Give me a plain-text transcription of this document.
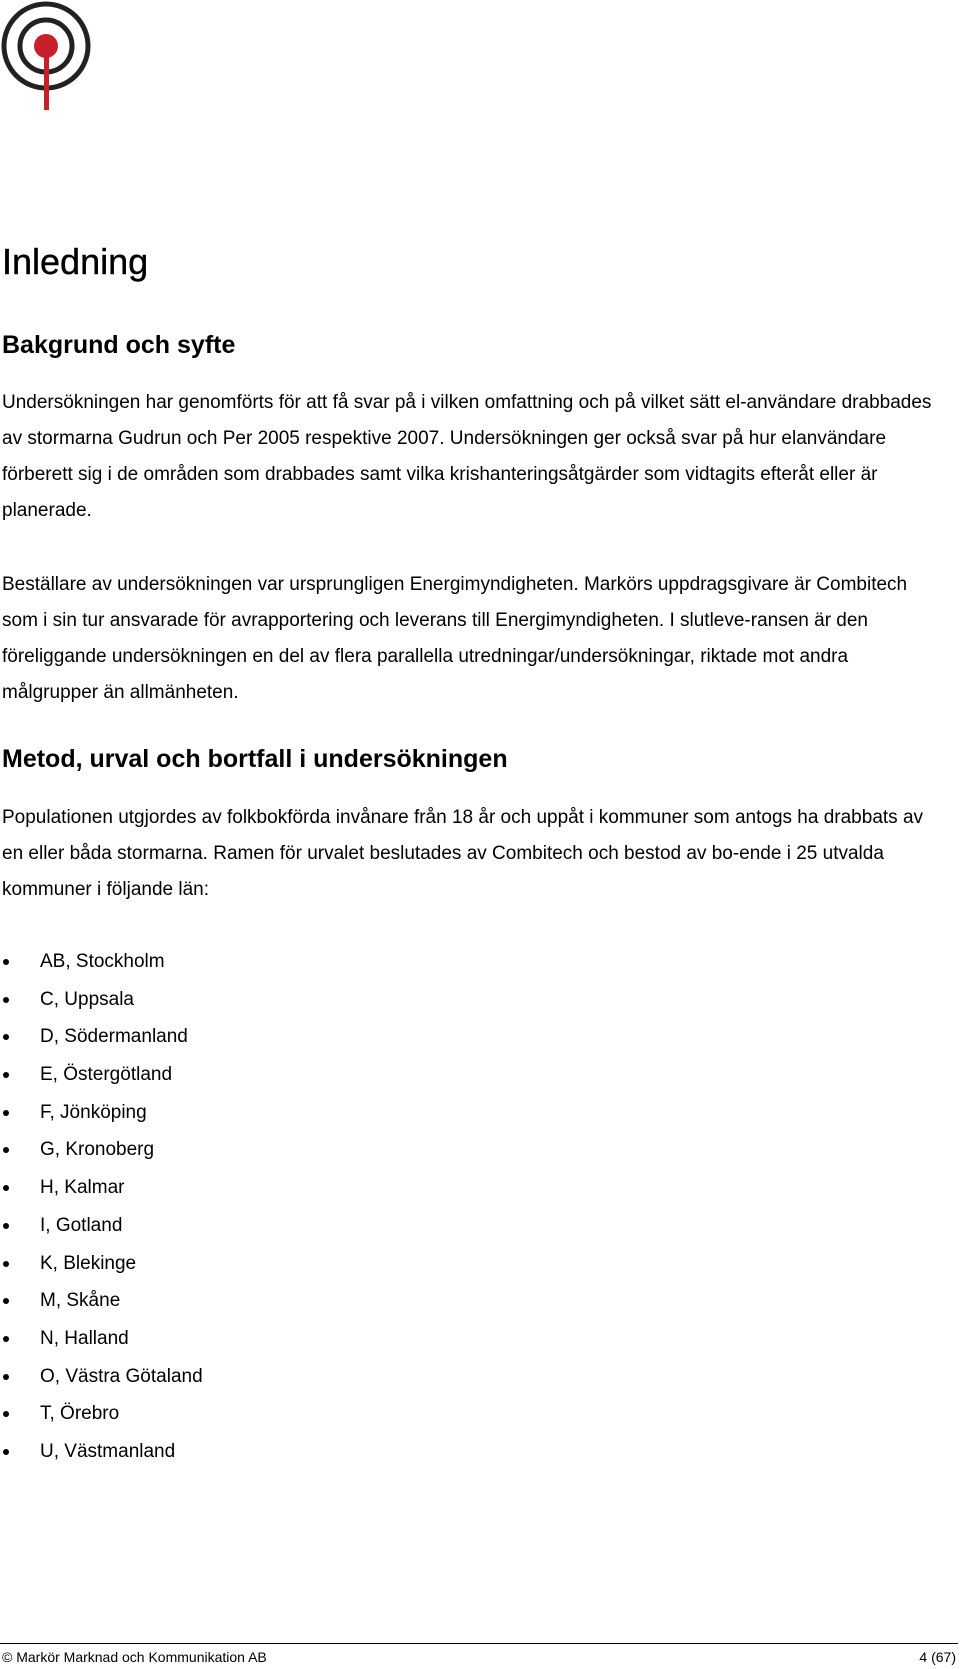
Inledning
Bakgrund och syfte

Undersökningen har genomförts för att få svar på i vilken omfattning och på vilket sätt el-användare drabbades av stormarna Gudrun och Per 2005 respektive 2007. Undersökningen ger också svar på hur elanvändare förberett sig i de områden som drabbades samt vilka krishanteringsåtgärder som vidtagits efteråt eller är planerade.

Beställare av undersökningen var ursprungligen Energimyndigheten. Markörs uppdragsgivare är Combitech som i sin tur ansvarade för avrapportering och leverans till Energimyndigheten. I slutleve-ransen är den föreliggande undersökningen en del av flera parallella utredningar/undersökningar, riktade mot andra målgrupper än allmänheten.

Metod, urval och bortfall i undersökningen

Populationen utgjordes av folkbokförda invånare från 18 år och uppåt i kommuner som antogs ha drabbats av en eller båda stormarna. Ramen för urvalet beslutades av Combitech och bestod av bo-ende i 25 utvalda kommuner i följande län:

AB, Stockholm
C, Uppsala
D, Södermanland
E, Östergötland
F, Jönköping
G, Kronoberg
H, Kalmar
I, Gotland
K, Blekinge
M, Skåne
N, Halland
O, Västra Götaland
T, Örebro
U, Västmanland
© Markör Marknad och Kommunikation AB	4 (67)
